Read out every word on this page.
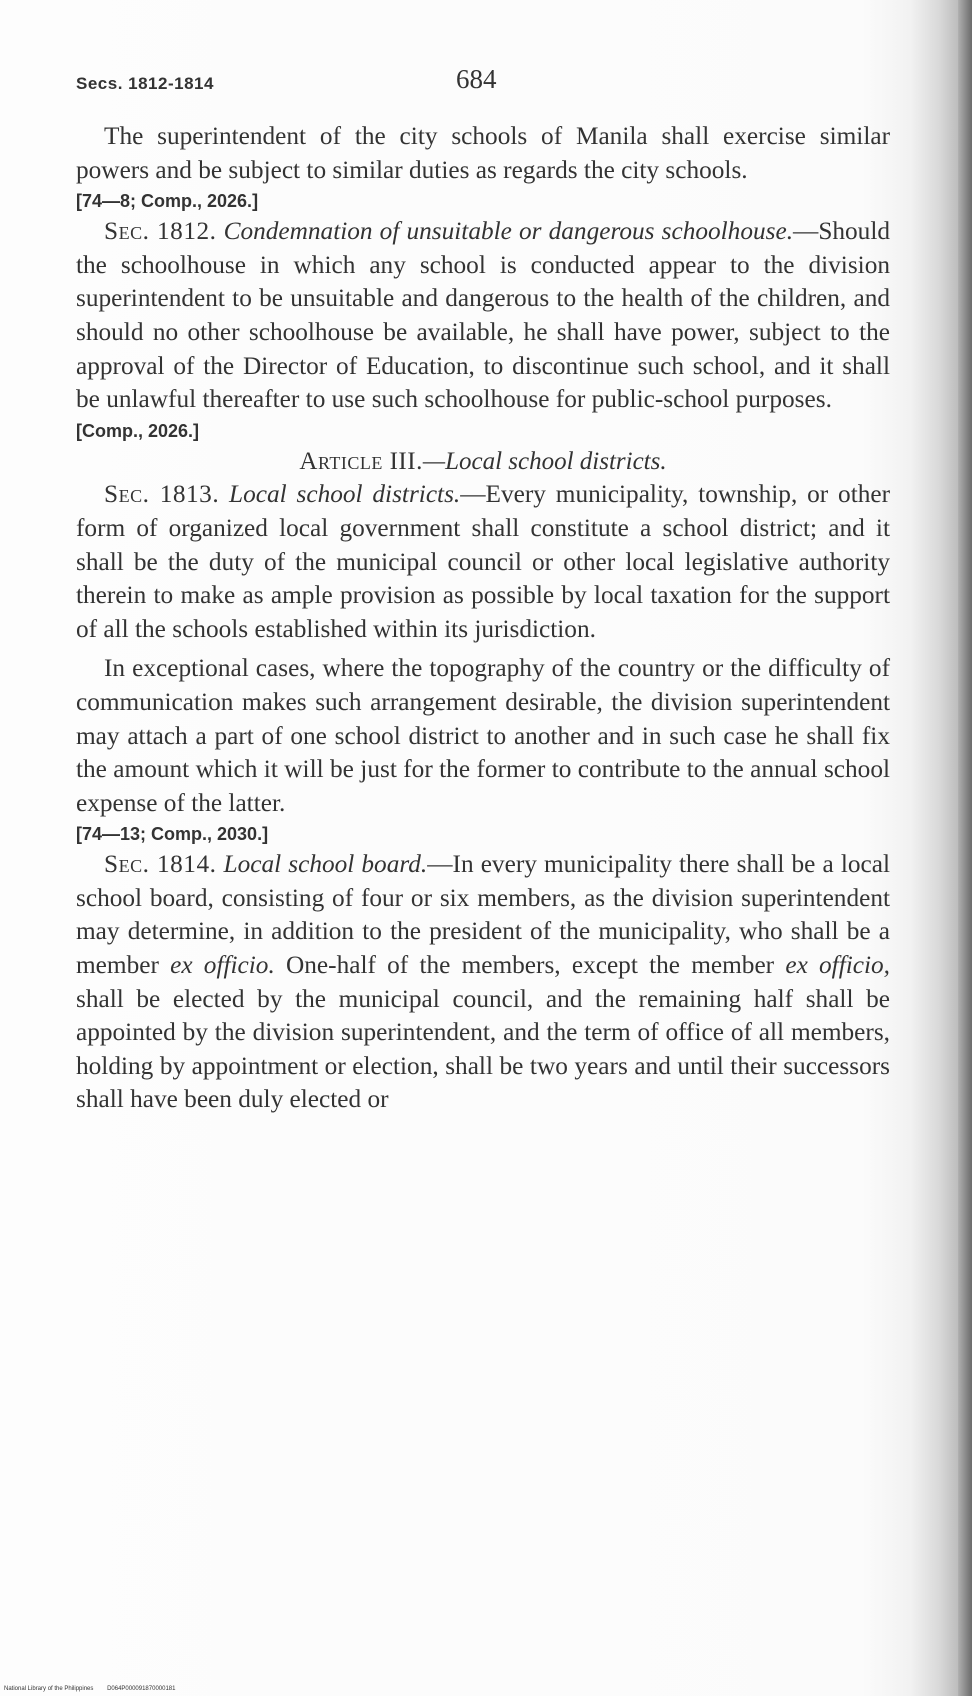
Secs. 1812-1814	684

The superintendent of the city schools of Manila shall exercise similar powers and be subject to similar duties as regards the city schools.

[74—8; Comp., 2026.]

Sec. 1812. Condemnation of unsuitable or dangerous schoolhouse.—Should the schoolhouse in which any school is conducted appear to the division superintendent to be unsuitable and dangerous to the health of the children, and should no other schoolhouse be available, he shall have power, subject to the approval of the Director of Education, to discontinue such school, and it shall be unlawful thereafter to use such schoolhouse for public-school purposes.

[Comp., 2026.]

Article III.—Local school districts.

Sec. 1813. Local school districts.—Every municipality, township, or other form of organized local government shall constitute a school district; and it shall be the duty of the municipal council or other local legislative authority therein to make as ample provision as possible by local taxation for the support of all the schools established within its jurisdiction.

In exceptional cases, where the topography of the country or the difficulty of communication makes such arrangement desirable, the division superintendent may attach a part of one school district to another and in such case he shall fix the amount which it will be just for the former to contribute to the annual school expense of the latter.

[74—13; Comp., 2030.]

Sec. 1814. Local school board.—In every municipality there shall be a local school board, consisting of four or six members, as the division superintendent may determine, in addition to the president of the municipality, who shall be a member ex officio. One-half of the members, except the member ex officio, shall be elected by the municipal council, and the remaining half shall be appointed by the division superintendent, and the term of office of all members, holding by appointment or election, shall be two years and until their successors shall have been duly elected or

National Library of the Philippines D064P000091870000181
